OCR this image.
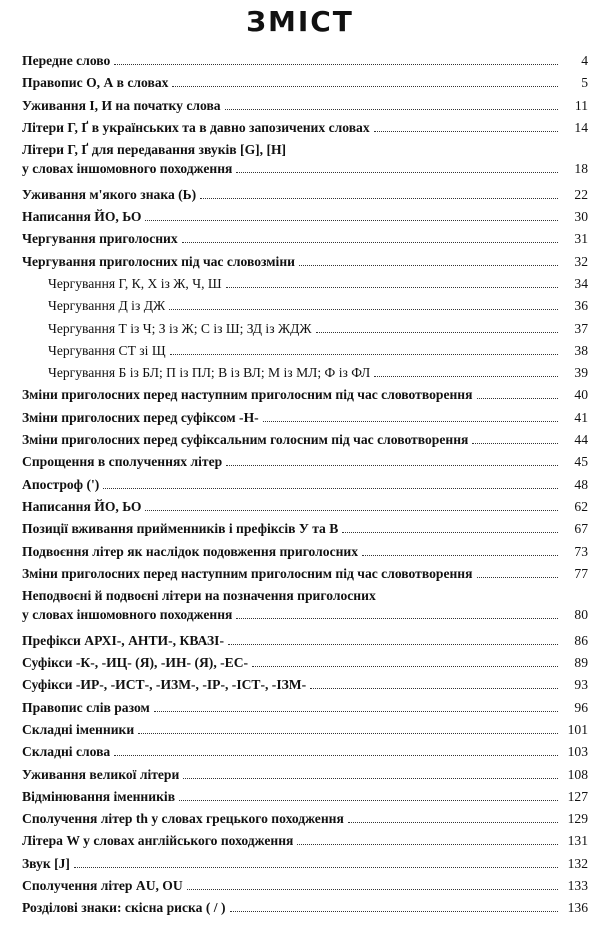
ЗМІСТ
Передне слово	4
Правопис О, А в словах	5
Уживання І, И на початку слова	11
Літери Г, Ґ в українських та в давно запозичених словах	14
Літери Г, Ґ для передавання звуків [G], [H]
у словах іншомовного походження	18
Уживання м'якого знака (Ь)	22
Написання ЙО, ЬО	30
Чергування приголосних	31
Чергування приголосних під час словозміни	32
Чергування Г, К, Х із Ж, Ч, Ш	34
Чергування Д із ДЖ	36
Чергування Т із Ч; З із Ж; С із Ш; ЗД із ЖДЖ	37
Чергування СТ зі Щ	38
Чергування Б із БЛ; П із ПЛ; В із ВЛ; М із МЛ; Ф із ФЛ	39
Зміни приголосних перед наступним приголосним під час словотворення	40
Зміни приголосних перед суфіксом -Н-	41
Зміни приголосних перед суфіксальним голосним під час словотворення	44
Спрощення в сполученнях літер	45
Апостроф (')	48
Написання ЙО, ЬО	62
Позиції вживання прийменників і префіксів У та В	67
Подвоєння літер як наслідок подовження приголосних	73
Зміни приголосних перед наступним приголосним під час словотворення	77
Неподвоєні й подвоєні літери на позначення приголосних
у словах іншомовного походження	80
Префікси АРХІ-, АНТИ-, КВАЗІ-	86
Суфікси -К-, -ИЦ- (Я), -ИН- (Я), -ЕС-	89
Суфікси -ИР-, -ИСТ-, -ИЗМ-, -ІР-, -ІСТ-, -ІЗМ-	93
Правопис слів разом	96
Складні іменники	101
Складні слова	103
Уживання великої літери	108
Відмінювання іменників	127
Сполучення літер th у словах грецького походження	129
Літера W у словах англійського походження	131
Звук [J]	132
Сполучення літер AU, OU	133
Розділові знаки: скісна риска ( / )	136
